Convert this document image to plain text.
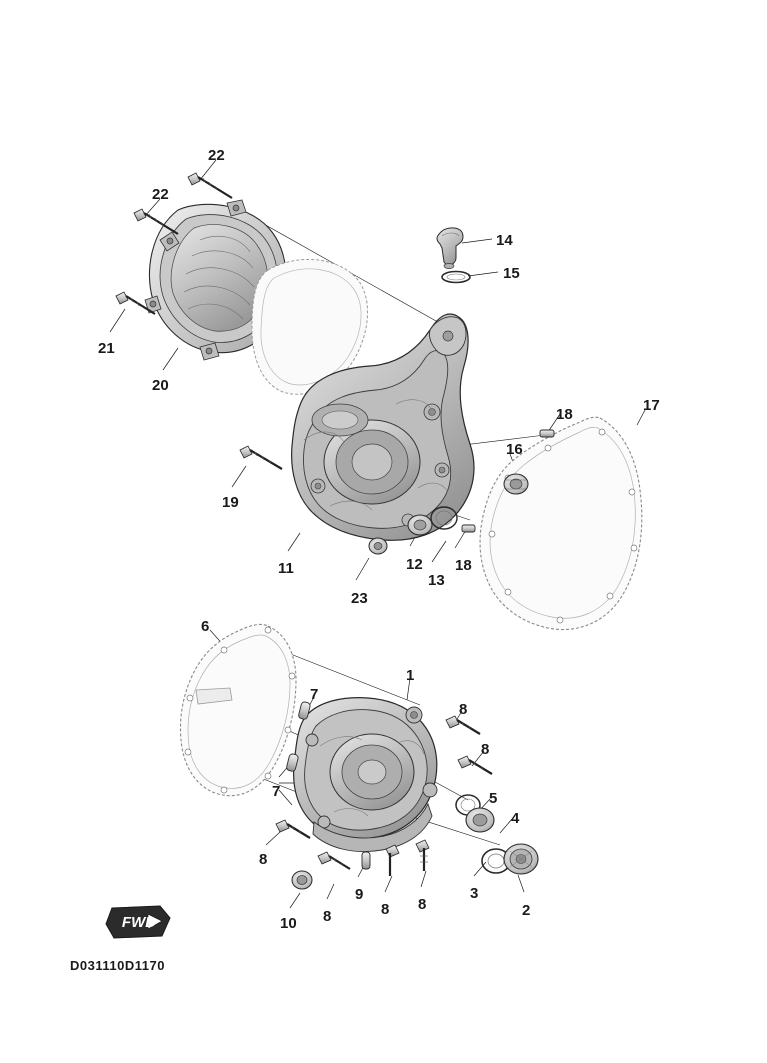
FWD
D031110D1170
22
22
14
15
21
20
18
17
16
19
11	12 18
13
23
6
1
7
8
8
7	5
4
8
3
2
9
8 8
8
10
